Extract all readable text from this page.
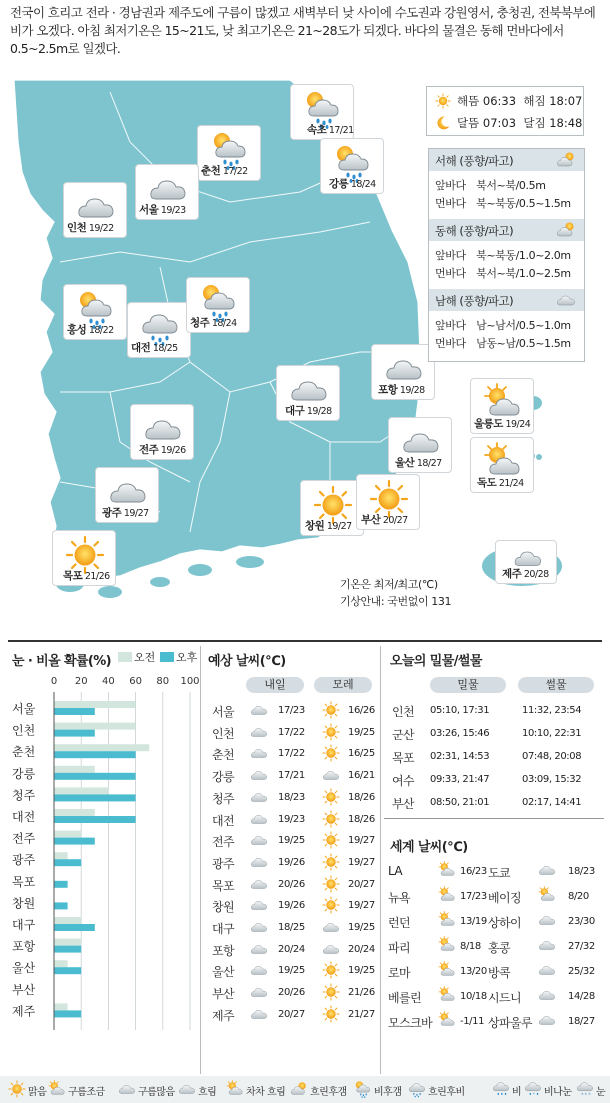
전국이 흐리고 전라 · 경남권과 제주도에 구름이 많겠고 새벽부터 낮 사이에 수도권과 강원영서, 충청권, 전북북부에 비가 오겠다. 아침 최저기온은 15~21도, 낮 최고기온은 21~28도가 되겠다. 바다의 물결은 동해 먼바다에서 0.5~2.5m로 일겠다.
속초 17/21
춘천 17/22
강릉 18/24
서울 19/23
인천 19/22
홍성 18/22
대전 18/25
청주 18/24
포항 19/28
대구 19/28
전주 19/26
울산 18/27
광주 19/27
창원 19/27
부산 20/27
목포 21/26
울릉도 19/24
독도 21/24
제주 20/28
해뜸 06:33 해짐 18:07
달뜸 07:03 달짐 18:48
서해 (풍향/파고)
앞바다 북서~북/0.5m
먼바다 북~북동/0.5~1.5m
동해 (풍향/파고)
앞바다 북~북동/1.0~2.0m
먼바다 북서~북/1.0~2.5m
남해 (풍향/파고)
앞바다 남~남서/0.5~1.0m
먼바다 남동~남/0.5~1.5m
기온은 최저/최고(℃)
기상안내: 국번없이 131
눈 · 비올 확률(%) 오전 오후
0 20 40 60 80 100
서울
인천
춘천
강릉
청주
대전
전주
광주
목포
창원
대구
포항
울산
부산
제주
예상 날씨(℃)
내일	모레
서울	17/23	16/26
인천	17/22	19/25
춘천	17/22	16/25
강릉	17/21	16/21
청주	18/23	18/26
대전	19/23	18/26
전주	19/25	19/27
광주	19/26	19/27
목포	20/26	20/27
창원	19/26	19/27
대구	18/25	19/25
포항	20/24	20/24
울산	19/25	19/25
부산	20/26	21/26
제주	20/27	21/27
오늘의 밀물/썰물
밀물	썰물
인천 05:10, 17:31	11:32, 23:54
군산 03:26, 15:46	10:10, 22:31
목포 02:31, 14:53	07:48, 20:08
여수 09:33, 21:47	03:09, 15:32
부산 08:50, 21:01	02:17, 14:41
세계 날씨(℃)
LA	16/23 도쿄	18/23
뉴욕	17/23 베이징	8/20
런던	13/19 상하이	23/30
파리	8/18 홍콩	27/32
로마	13/20 방콕	25/32
베를린	10/18 시드니	14/28
모스크바	-1/11 상파울루	18/27
맑음 구름조금	구름많음 흐림	차차 흐림 흐린후갬	비후갬	흐린후비	비 비나눈 눈
